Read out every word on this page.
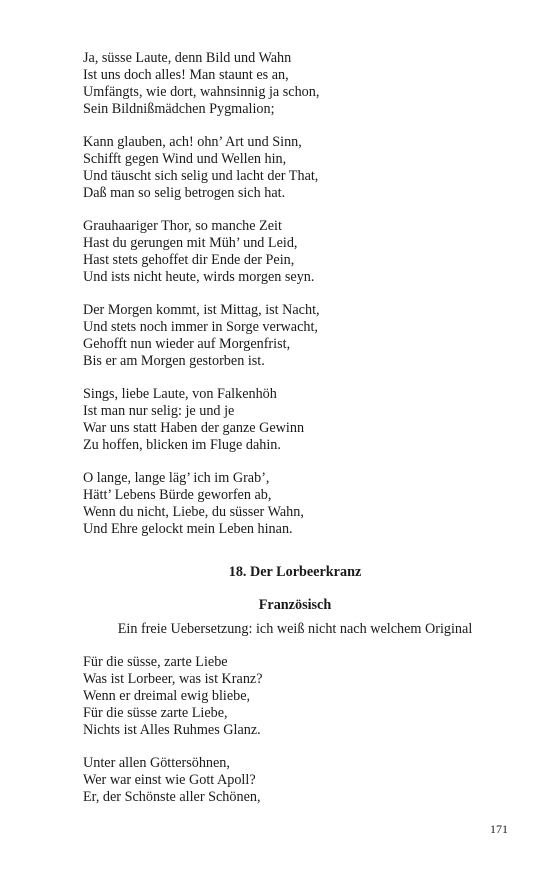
Ja, süsse Laute, denn Bild und Wahn
Ist uns doch alles! Man staunt es an,
Umfängts, wie dort, wahnsinnig ja schon,
Sein Bildnißmädchen Pygmalion;
Kann glauben, ach! ohn’ Art und Sinn,
Schifft gegen Wind und Wellen hin,
Und täuscht sich selig und lacht der That,
Daß man so selig betrogen sich hat.
Grauhaariger Thor, so manche Zeit
Hast du gerungen mit Müh’ und Leid,
Hast stets gehoffet dir Ende der Pein,
Und ists nicht heute, wirds morgen seyn.
Der Morgen kommt, ist Mittag, ist Nacht,
Und stets noch immer in Sorge verwacht,
Gehofft nun wieder auf Morgenfrist,
Bis er am Morgen gestorben ist.
Sings, liebe Laute, von Falkenhöh
Ist man nur selig: je und je
War uns statt Haben der ganze Gewinn
Zu hoffen, blicken im Fluge dahin.
O lange, lange läg’ ich im Grab’,
Hätt’ Lebens Bürde geworfen ab,
Wenn du nicht, Liebe, du süsser Wahn,
Und Ehre gelockt mein Leben hinan.
18. Der Lorbeerkranz
Französisch
Ein freie Uebersetzung: ich weiß nicht nach welchem Original
Für die süsse, zarte Liebe
Was ist Lorbeer, was ist Kranz?
Wenn er dreimal ewig bliebe,
Für die süsse zarte Liebe,
Nichts ist Alles Ruhmes Glanz.
Unter allen Göttersöhnen,
Wer war einst wie Gott Apoll?
Er, der Schönste aller Schönen,
171
